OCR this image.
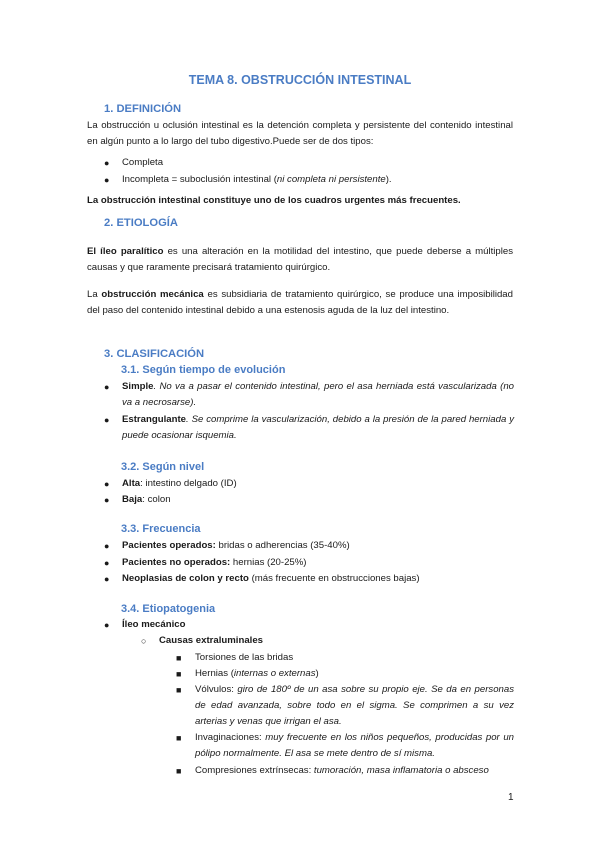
TEMA 8. OBSTRUCCIÓN INTESTINAL
1. DEFINICIÓN
La obstrucción u oclusión intestinal es la detención completa y persistente del contenido intestinal en algún punto a lo largo del tubo digestivo.Puede ser de dos tipos:
● Completa
● Incompleta = suboclusión intestinal (ni completa ni persistente).
La obstrucción intestinal constituye uno de los cuadros urgentes más frecuentes.
2. ETIOLOGÍA
El íleo paralítico es una alteración en la motilidad del intestino, que puede deberse a múltiples causas y que raramente precisará tratamiento quirúrgico.
La obstrucción mecánica es subsidiaria de tratamiento quirúrgico, se produce una imposibilidad del paso del contenido intestinal debido a una estenosis aguda de la luz del intestino.
3. CLASIFICACIÓN
3.1. Según tiempo de evolución
● Simple. No va a pasar el contenido intestinal, pero el asa herniada está vascularizada (no va a necrosarse).
● Estrangulante. Se comprime la vascularización, debido a la presión de la pared herniada y puede ocasionar isquemia.
3.2. Según nivel
● Alta: intestino delgado (ID)
● Baja: colon
3.3. Frecuencia
● Pacientes operados: bridas o adherencias (35-40%)
● Pacientes no operados: hernias (20-25%)
● Neoplasias de colon y recto (más frecuente en obstrucciones bajas)
3.4. Etiopatogenia
● Íleo mecánico
○ Causas extraluminales
■ Torsiones de las bridas
■ Hernias (internas o externas)
■ Vólvulos: giro de 180º de un asa sobre su propio eje. Se da en personas de edad avanzada, sobre todo en el sigma. Se comprimen a su vez arterias y venas que irrigan el asa.
■ Invaginaciones: muy frecuente en los niños pequeños, producidas por un pólipo normalmente. El asa se mete dentro de sí misma.
■ Compresiones extrínsecas: tumoración, masa inflamatoria o absceso
1
